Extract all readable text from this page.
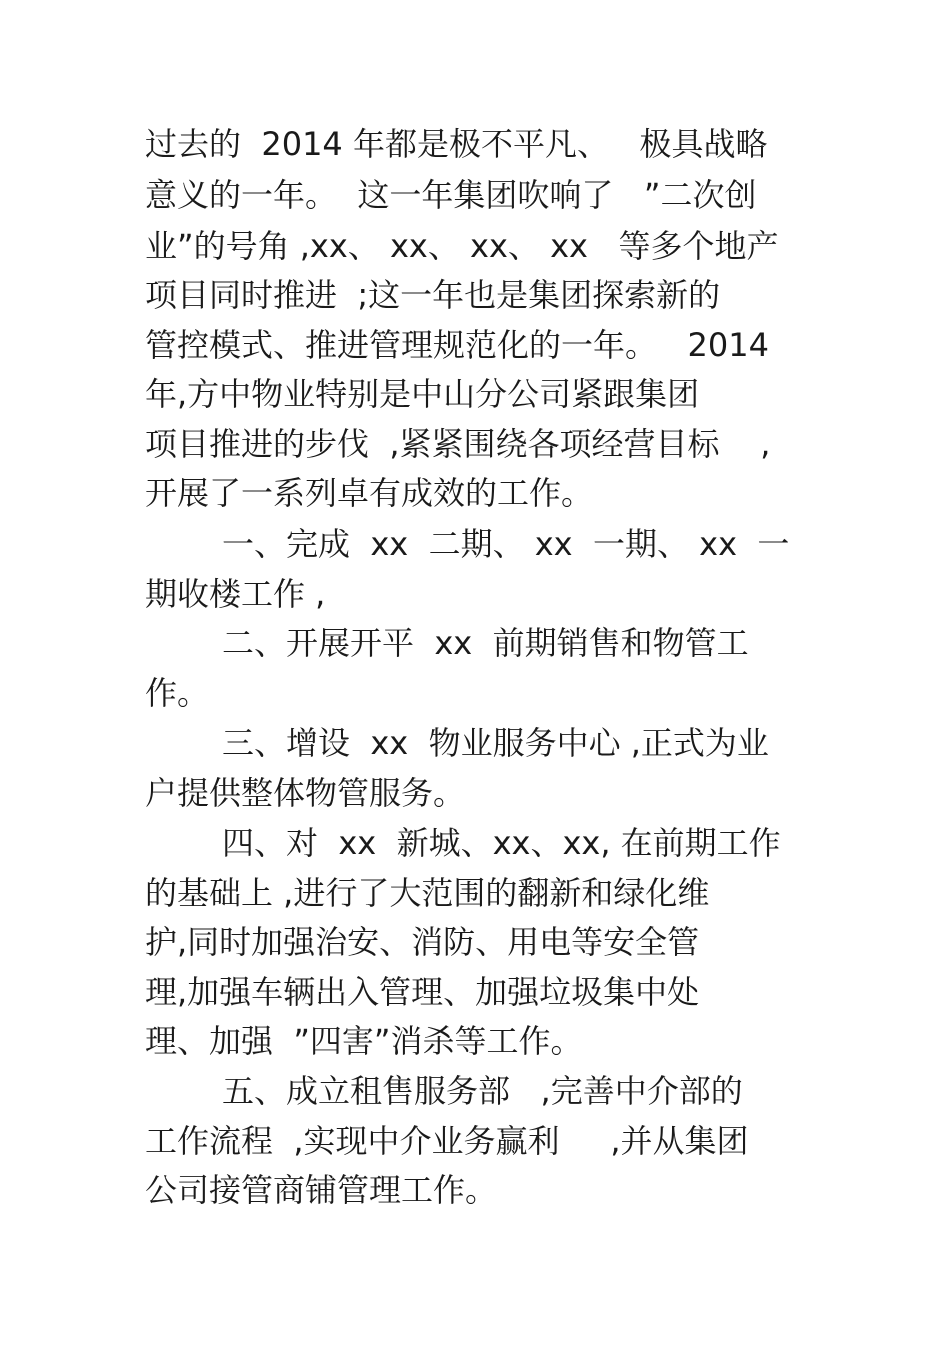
过去的  2014 年都是极不平凡、   极具战略
意义的一年。  这一年集团吹响了   ”二次创
业”的号角 ,xx、 xx、 xx、 xx   等多个地产
项目同时推进  ;这一年也是集团探索新的
管控模式、推进管理规范化的一年。   2014
年,方中物业特别是中山分公司紧跟集团
项目推进的步伐  ,紧紧围绕各项经营目标    ,
开展了一系列卓有成效的工作。
一、完成  xx  二期、 xx  一期、 xx  一
期收楼工作 ,
二、开展开平  xx  前期销售和物管工
作。
三、增设  xx  物业服务中心 ,正式为业
户提供整体物管服务。
四、对  xx  新城、xx、xx, 在前期工作
的基础上 ,进行了大范围的翻新和绿化维
护,同时加强治安、消防、用电等安全管
理,加强车辆出入管理、加强垃圾集中处
理、加强  ”四害”消杀等工作。
五、成立租售服务部   ,完善中介部的
工作流程  ,实现中介业务赢利     ,并从集团
公司接管商铺管理工作。
